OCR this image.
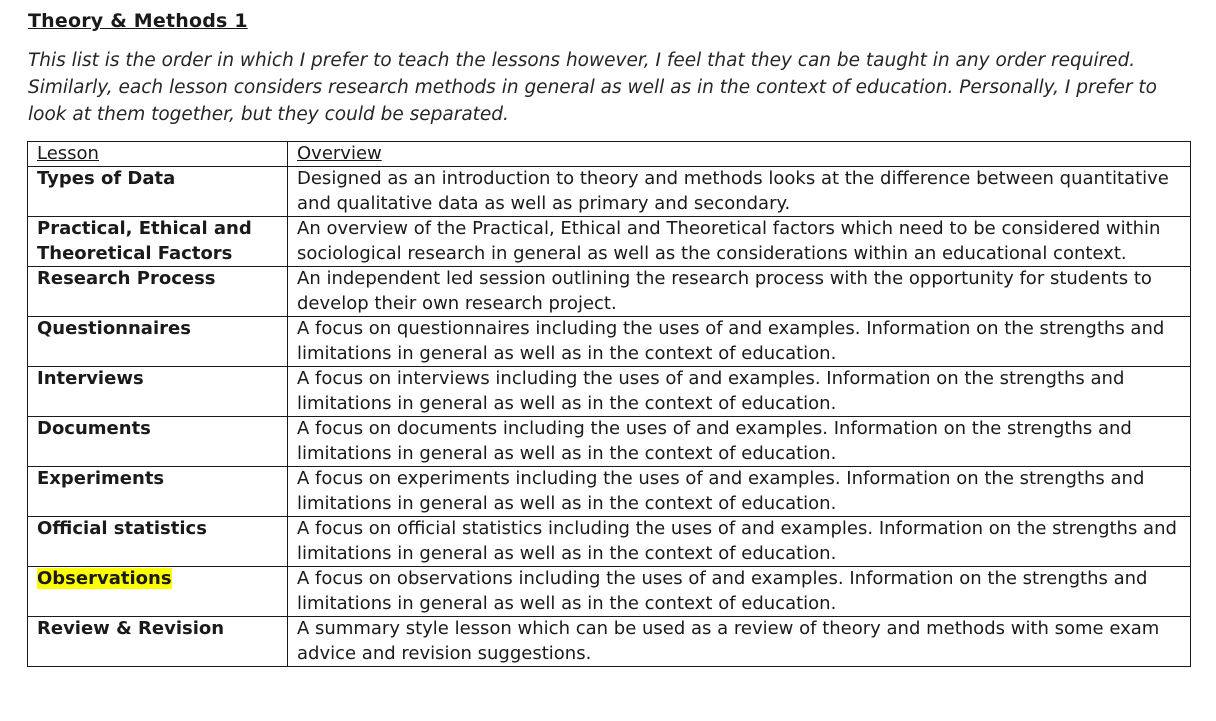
Theory & Methods 1
This list is the order in which I prefer to teach the lessons however, I feel that they can be taught in any order required. Similarly, each lesson considers research methods in general as well as in the context of education. Personally, I prefer to look at them together, but they could be separated.
Lesson	Overview
Types of Data	Designed as an introduction to theory and methods looks at the difference between quantitative and qualitative data as well as primary and secondary.
Practical, Ethical and Theoretical Factors	An overview of the Practical, Ethical and Theoretical factors which need to be considered within sociological research in general as well as the considerations within an educational context.
Research Process	An independent led session outlining the research process with the opportunity for students to develop their own research project.
Questionnaires	A focus on questionnaires including the uses of and examples. Information on the strengths and limitations in general as well as in the context of education.
Interviews	A focus on interviews including the uses of and examples. Information on the strengths and limitations in general as well as in the context of education.
Documents	A focus on documents including the uses of and examples. Information on the strengths and limitations in general as well as in the context of education.
Experiments	A focus on experiments including the uses of and examples. Information on the strengths and limitations in general as well as in the context of education.
Official statistics	A focus on official statistics including the uses of and examples. Information on the strengths and limitations in general as well as in the context of education.
Observations	A focus on observations including the uses of and examples. Information on the strengths and limitations in general as well as in the context of education.
Review & Revision	A summary style lesson which can be used as a review of theory and methods with some exam advice and revision suggestions.
